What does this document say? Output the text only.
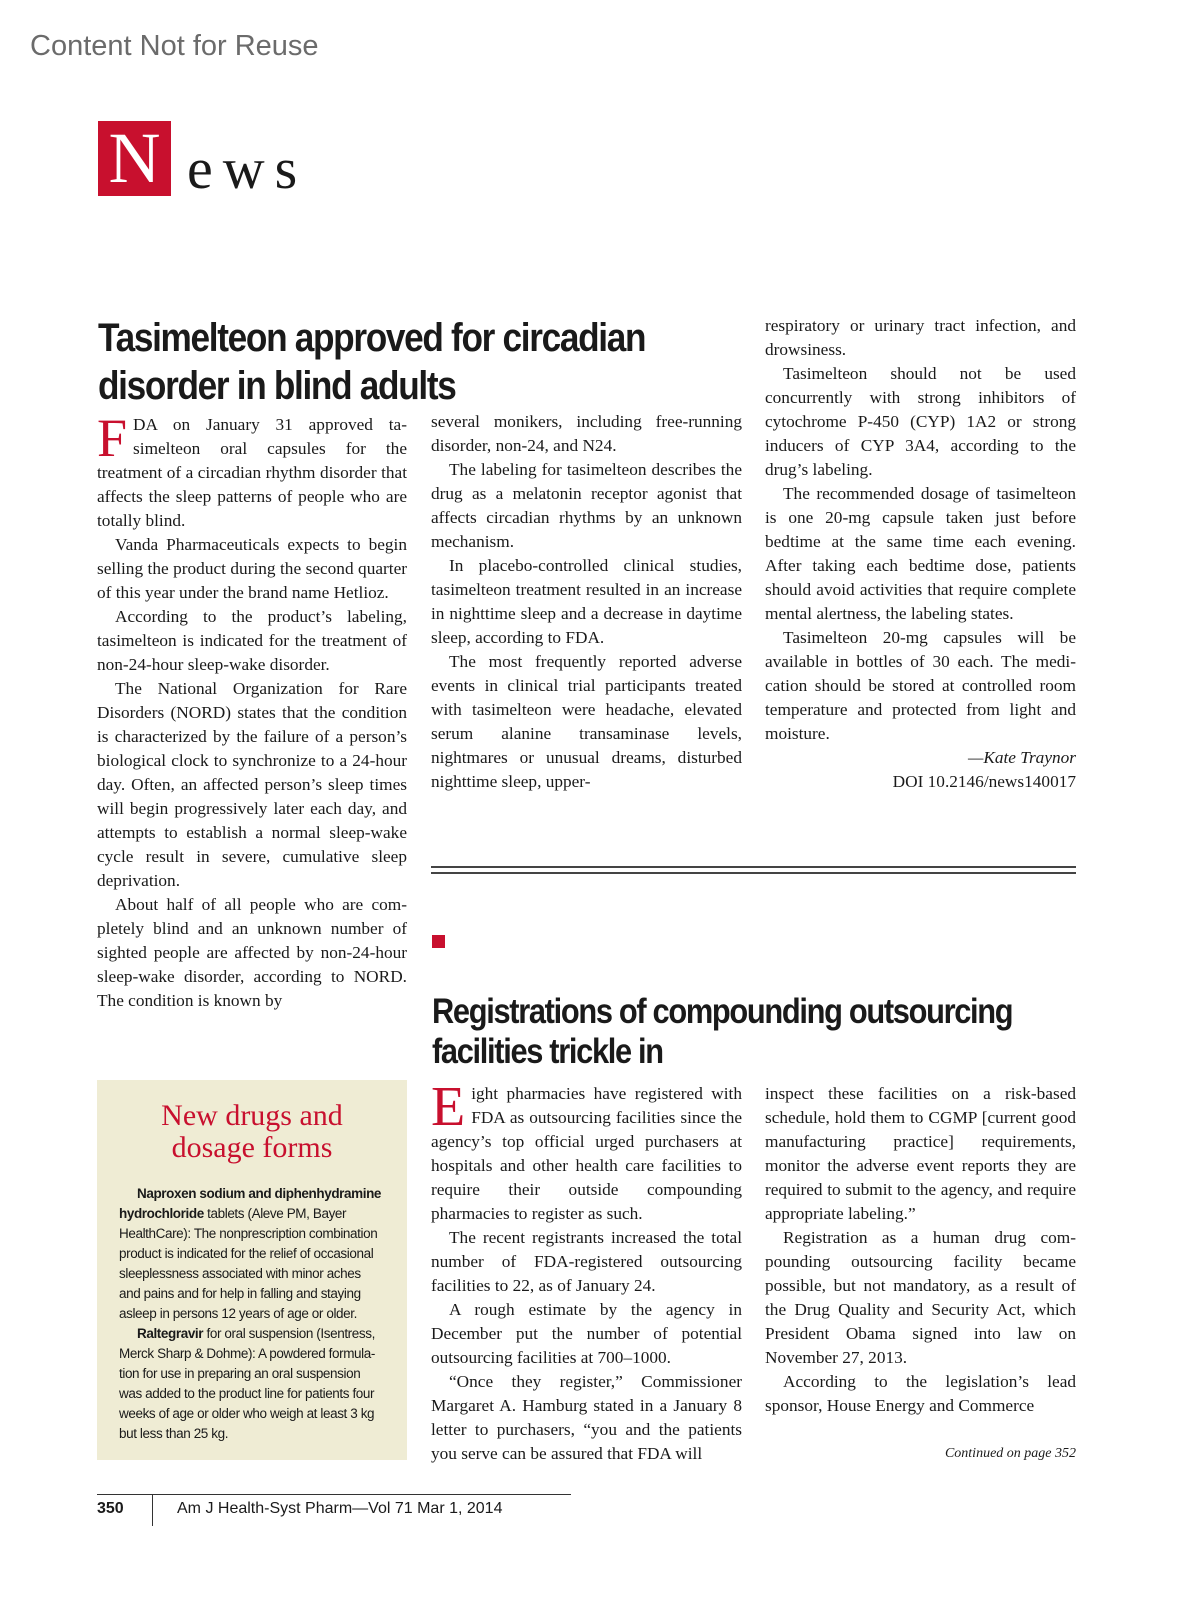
Content Not for Reuse
N ews
Tasimelteon approved for circadian disorder in blind adults

FDA on January 31 approved tasimelteon oral capsules for the treatment of a circadian rhythm disorder that affects the sleep patterns of people who are totally blind.

Vanda Pharmaceuticals expects to begin selling the product during the second quarter of this year under the brand name Hetlioz.

According to the product’s labeling, tasimelteon is indicated for the treatment of non-24-hour sleep-wake disorder.

The National Organization for Rare Disorders (NORD) states that the condition is characterized by the failure of a person’s biological clock to synchronize to a 24-hour day. Often, an affected person’s sleep times will begin progressively later each day, and attempts to establish a normal sleep-wake cycle result in severe, cumulative sleep deprivation.

About half of all people who are completely blind and an unknown number of sighted people are affected by non-24-hour sleep-wake disorder, according to NORD. The condition is known by

several monikers, including free-running disorder, non-24, and N24.

The labeling for tasimelteon describes the drug as a melatonin receptor agonist that affects circadian rhythms by an unknown mechanism.

In placebo-controlled clinical studies, tasimelteon treatment resulted in an increase in nighttime sleep and a decrease in daytime sleep, according to FDA.

The most frequently reported adverse events in clinical trial participants treated with tasimelteon were headache, elevated serum alanine transaminase levels, nightmares or unusual dreams, disturbed nighttime sleep, upper-

respiratory or urinary tract infection, and drowsiness.

Tasimelteon should not be used concurrently with strong inhibitors of cytochrome P-450 (CYP) 1A2 or strong inducers of CYP 3A4, according to the drug’s labeling.

The recommended dosage of tasimelteon is one 20-mg capsule taken just before bedtime at the same time each evening. After taking each bedtime dose, patients should avoid activities that require complete mental alertness, the labeling states.

Tasimelteon 20-mg capsules will be available in bottles of 30 each. The medication should be stored at controlled room temperature and protected from light and moisture.

—Kate Traynor

DOI 10.2146/news140017

Registrations of compounding outsourcing facilities trickle in

Eight pharmacies have registered with FDA as outsourcing facilities since the agency’s top official urged purchasers at hospitals and other health care facilities to require their outside compounding pharmacies to register as such.

The recent registrants increased the total number of FDA-registered outsourcing facilities to 22, as of January 24.

A rough estimate by the agency in December put the number of potential outsourcing facilities at 700–1000.

“Once they register,” Commissioner Margaret A. Hamburg stated in a January 8 letter to purchasers, “you and the patients you serve can be assured that FDA will

inspect these facilities on a risk-based schedule, hold them to CGMP [current good manufacturing practice] requirements, monitor the adverse event reports they are required to submit to the agency, and require appropriate labeling.”

Registration as a human drug compounding outsourcing facility became possible, but not mandatory, as a result of the Drug Quality and Security Act, which President Obama signed into law on November 27, 2013.

According to the legislation’s lead sponsor, House Energy and Commerce

Continued on page 352
New drugs and dosage forms

Naproxen sodium and diphenhydramine hydrochloride tablets (Aleve PM, Bayer HealthCare): The nonprescription combination product is indicated for the relief of occasional sleeplessness associated with minor aches and pains and for help in falling and staying asleep in persons 12 years of age or older.

Raltegravir for oral suspension (Isentress, Merck Sharp & Dohme): A powdered formulation for use in preparing an oral suspension was added to the product line for patients four weeks of age or older who weigh at least 3 kg but less than 25 kg.

350	Am J Health-Syst Pharm—Vol 71 Mar 1, 2014
